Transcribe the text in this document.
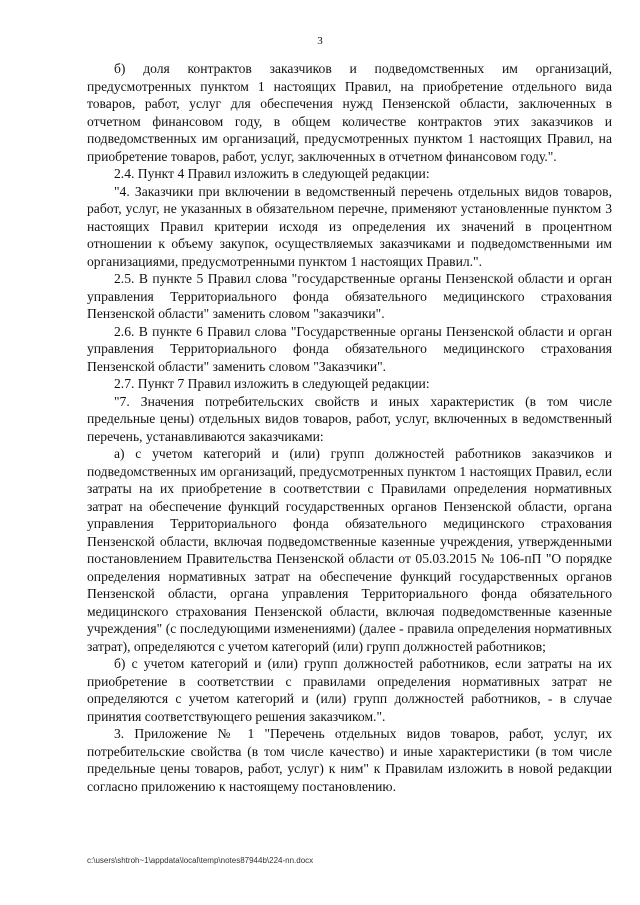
3

б) доля контрактов заказчиков и подведомственных им организаций, предусмотренных пунктом 1 настоящих Правил, на приобретение отдельного вида товаров, работ, услуг для обеспечения нужд Пензенской области, заключенных в отчетном финансовом году, в общем количестве контрактов этих заказчиков и подведомственных им организаций, предусмотренных пунктом 1 настоящих Правил, на приобретение товаров, работ, услуг, заключенных в отчетном финансовом году.".

2.4. Пункт 4 Правил изложить в следующей редакции:

"4. Заказчики при включении в ведомственный перечень отдельных видов товаров, работ, услуг, не указанных в обязательном перечне, применяют установленные пунктом 3 настоящих Правил критерии исходя из определения их значений в процентном отношении к объему закупок, осуществляемых заказчиками и подведомственными им организациями, предусмотренными пунктом 1 настоящих Правил.".

2.5. В пункте 5 Правил слова "государственные органы Пензенской области и орган управления Территориального фонда обязательного медицинского страхования Пензенской области" заменить словом "заказчики".

2.6. В пункте 6 Правил слова "Государственные органы Пензенской области и орган управления Территориального фонда обязательного медицинского страхования Пензенской области" заменить словом "Заказчики".

2.7. Пункт 7 Правил изложить в следующей редакции:

"7. Значения потребительских свойств и иных характеристик (в том числе предельные цены) отдельных видов товаров, работ, услуг, включенных в ведомственный перечень, устанавливаются заказчиками:

а) с учетом категорий и (или) групп должностей работников заказчиков и подведомственных им организаций, предусмотренных пунктом 1 настоящих Правил, если затраты на их приобретение в соответствии с Правилами определения нормативных затрат на обеспечение функций государственных органов Пензенской области, органа управления Территориального фонда обязательного медицинского страхования Пензенской области, включая подведомственные казенные учреждения, утвержденными постановлением Правительства Пензенской области от 05.03.2015 № 106-пП "О порядке определения нормативных затрат на обеспечение функций государственных органов Пензенской области, органа управления Территориального фонда обязательного медицинского страхования Пензенской области, включая подведомственные казенные учреждения" (с последующими изменениями) (далее - правила определения нормативных затрат), определяются с учетом категорий (или) групп должностей работников;

б) с учетом категорий и (или) групп должностей работников, если затраты на их приобретение в соответствии с правилами определения нормативных затрат не определяются с учетом категорий и (или) групп должностей работников, - в случае принятия соответствующего решения заказчиком.".

3. Приложение № 1 "Перечень отдельных видов товаров, работ, услуг, их потребительские свойства (в том числе качество) и иные характеристики (в том числе предельные цены товаров, работ, услуг) к ним" к Правилам изложить в новой редакции согласно приложению к настоящему постановлению.

c:\users\shtroh~1\appdata\local\temp\notes87944b\224-nn.docx
